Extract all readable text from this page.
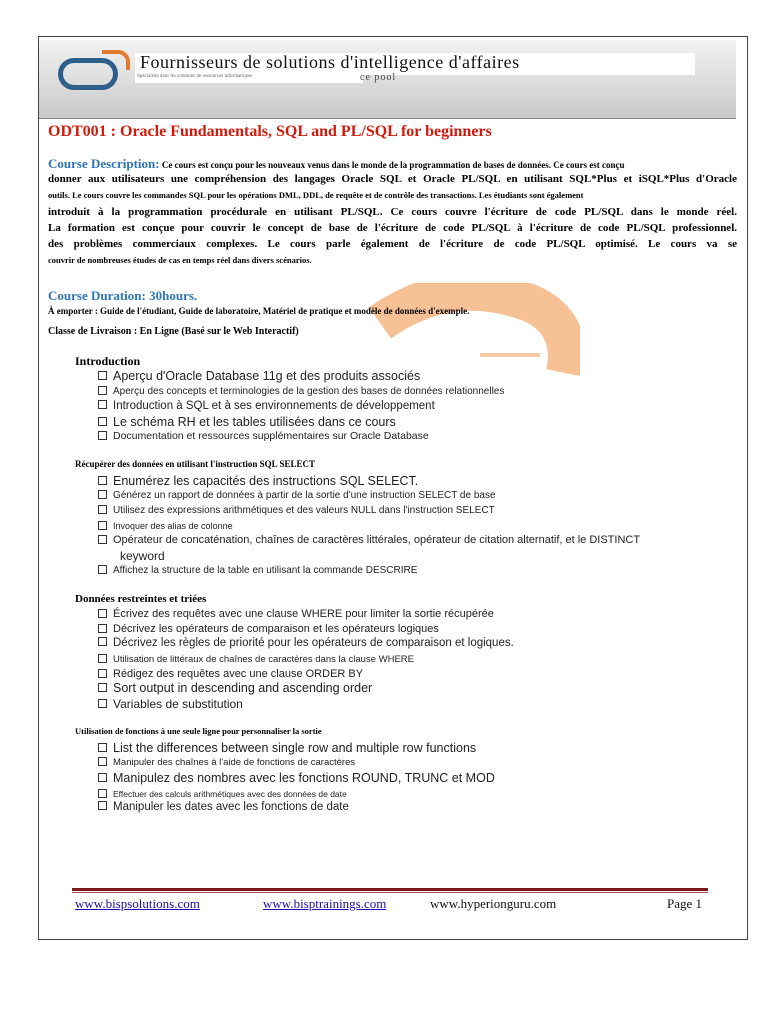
Fournisseurs de solutions d'intelligence d'affaires
Spécialiste dans les solutions de ressources informatiques	ce pool
ODT001 : Oracle Fundamentals, SQL and PL/SQL for beginners
Course Description: Ce cours est conçu pour les nouveaux venus dans le monde de la programmation de bases de données. Ce cours est conçu
donner aux utilisateurs une compréhension des langages Oracle SQL et Oracle PL/SQL en utilisant SQL*Plus et iSQL*Plus d'Oracle
outils. Le cours couvre les commandes SQL pour les opérations DML, DDL, de requête et de contrôle des transactions. Les étudiants sont également
introduit à la programmation procédurale en utilisant PL/SQL. Ce cours couvre l'écriture de code PL/SQL dans le monde réel.
La formation est conçue pour couvrir le concept de base de l'écriture de code PL/SQL à l'écriture de code PL/SQL professionnel.
des problèmes commerciaux complexes. Le cours parle également de l'écriture de code PL/SQL optimisé. Le cours va se
couvrir de nombreuses études de cas en temps réel dans divers scénarios.
Course Duration: 30hours.
À emporter : Guide de l'étudiant, Guide de laboratoire, Matériel de pratique et modèle de données d'exemple.
Classe de Livraison : En Ligne (Basé sur le Web Interactif)
Introduction
Aperçu d'Oracle Database 11g et des produits associés
Aperçu des concepts et terminologies de la gestion des bases de données relationnelles
Introduction à SQL et à ses environnements de développement
Le schéma RH et les tables utilisées dans ce cours
Documentation et ressources supplémentaires sur Oracle Database
Récupérer des données en utilisant l'instruction SQL SELECT
Enumérez les capacités des instructions SQL SELECT.
Générez un rapport de données à partir de la sortie d'une instruction SELECT de base
Utilisez des expressions arithmétiques et des valeurs NULL dans l'instruction SELECT
Invoquer des alias de colonne
Opérateur de concaténation, chaînes de caractères littérales, opérateur de citation alternatif, et le DISTINCT
keyword
Affichez la structure de la table en utilisant la commande DESCRIRE
Données restreintes et triées
Écrivez des requêtes avec une clause WHERE pour limiter la sortie récupérée
Décrivez les opérateurs de comparaison et les opérateurs logiques
Décrivez les règles de priorité pour les opérateurs de comparaison et logiques.
Utilisation de littéraux de chaînes de caractères dans la clause WHERE
Rédigez des requêtes avec une clause ORDER BY
Sort output in descending and ascending order
Variables de substitution
Utilisation de fonctions à une seule ligne pour personnaliser la sortie
List the differences between single row and multiple row functions
Manipuler des chaînes à l'aide de fonctions de caractères
Manipulez des nombres avec les fonctions ROUND, TRUNC et MOD
Effectuer des calculs arithmétiques avec des données de date
Manipuler les dates avec les fonctions de date
www.bispsolutions.com	www.bisptrainings.com	www.hyperionguru.com	Page 1
